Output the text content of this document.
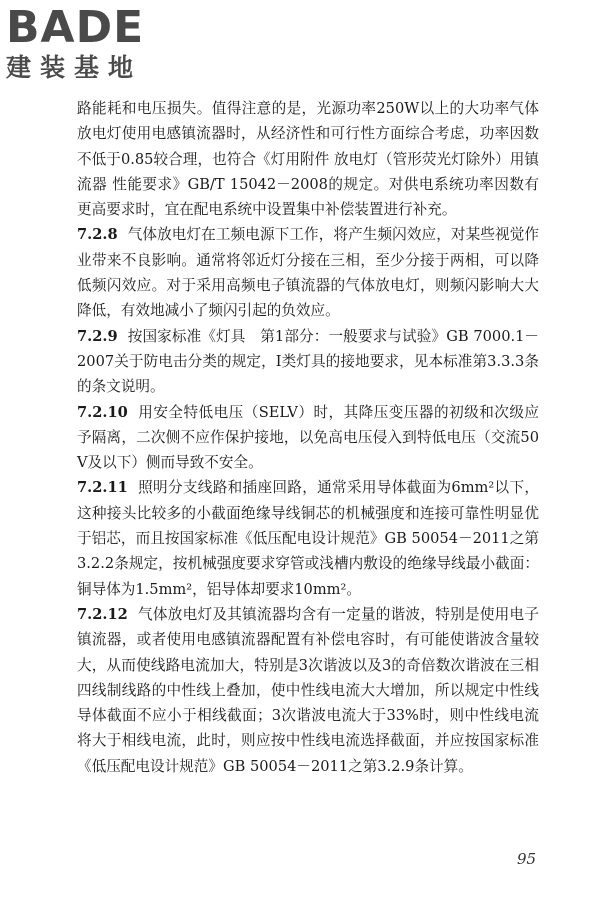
BADE
建装基地

路能耗和电压损失。值得注意的是，光源功率250W以上的大功率气体放电灯使用电感镇流器时，从经济性和可行性方面综合考虑，功率因数不低于0.85较合理，也符合《灯用附件 放电灯（管形荧光灯除外）用镇流器 性能要求》GB/T 15042－2008的规定。对供电系统功率因数有更高要求时，宜在配电系统中设置集中补偿装置进行补充。

7.2.8 气体放电灯在工频电源下工作，将产生频闪效应，对某些视觉作业带来不良影响。通常将邻近灯分接在三相，至少分接于两相，可以降低频闪效应。对于采用高频电子镇流器的气体放电灯，则频闪影响大大降低，有效地减小了频闪引起的负效应。

7.2.9 按国家标准《灯具　第1部分：一般要求与试验》GB 7000.1－2007关于防电击分类的规定，Ⅰ类灯具的接地要求，见本标准第3.3.3条的条文说明。

7.2.10 用安全特低电压（SELV）时，其降压变压器的初级和次级应予隔离，二次侧不应作保护接地，以免高电压侵入到特低电压（交流50V及以下）侧而导致不安全。

7.2.11 照明分支线路和插座回路，通常采用导体截面为6mm²以下，这种接头比较多的小截面绝缘导线铜芯的机械强度和连接可靠性明显优于铝芯，而且按国家标准《低压配电设计规范》GB 50054－2011之第3.2.2条规定，按机械强度要求穿管或浅槽内敷设的绝缘导线最小截面：铜导体为1.5mm²，铝导体却要求10mm²。

7.2.12 气体放电灯及其镇流器均含有一定量的谐波，特别是使用电子镇流器，或者使用电感镇流器配置有补偿电容时，有可能使谐波含量较大，从而使线路电流加大，特别是3次谐波以及3的奇倍数次谐波在三相四线制线路的中性线上叠加，使中性线电流大大增加，所以规定中性线导体截面不应小于相线截面；3次谐波电流大于33%时，则中性线电流将大于相线电流，此时，则应按中性线电流选择截面，并应按国家标准《低压配电设计规范》GB 50054－2011之第3.2.9条计算。

95
